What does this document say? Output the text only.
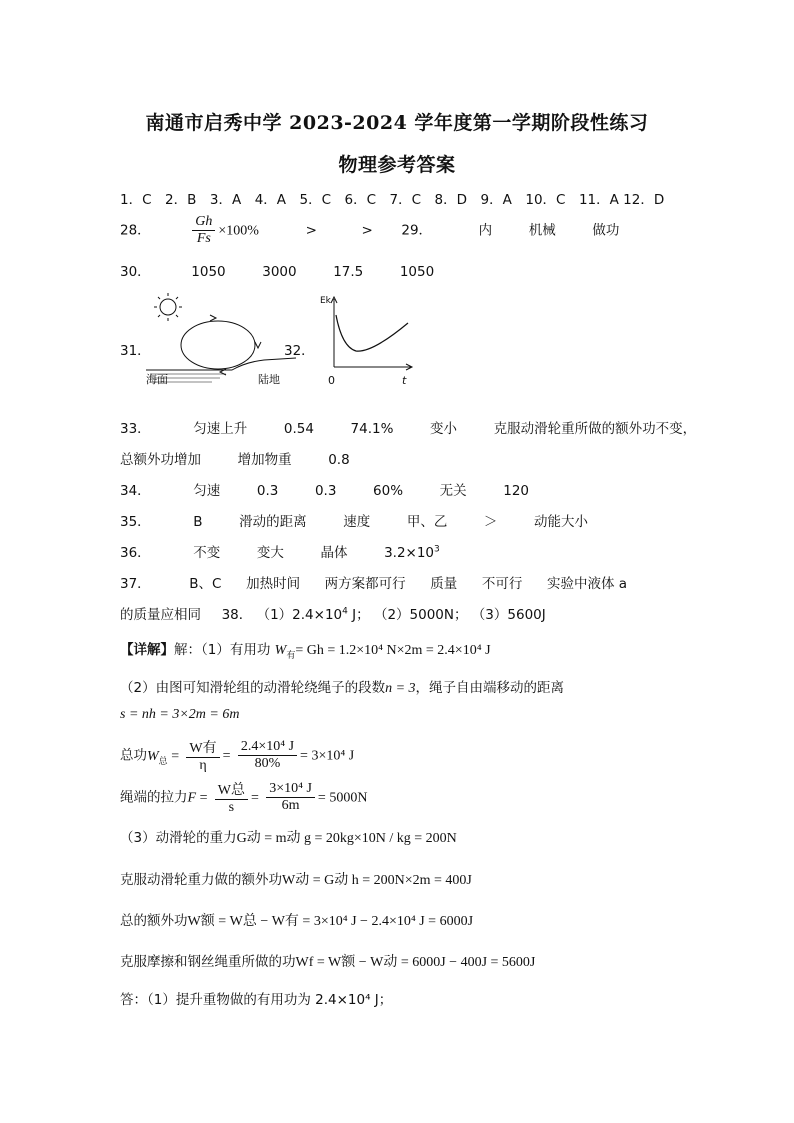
南通市启秀中学 2023-2024 学年度第一学期阶段性练习
物理参考答案
1．C　2．B　3．A　4．A　5．C　6．C　7．C　8．D　9．A　10．C　11．A 12．D
28．	$\frac{Gh}{Fs} \times 100\%$	>	> 29．	内	机械	做功
30．	1050	3000	17.5	1050
31．
海面	陆地
32．
Ek
0	t
33．	匀速上升	0.54	74.1%	变小	克服动滑轮重所做的额外功不变，
总额外功增加	增加物重	0.8
34．	匀速	0.3	0.3	60%	无关	120
35．	B	滑动的距离	速度	甲、乙	＞	动能大小
36．	不变	变大	晶体	$3.2\times 10^3$
37．	B、C 加热时间 两方案都可行 质量 不可行 实验中液体 a
的质量应相同 38． $(1)2.4\times 10^4$ J； （2）5000N； （3）5600J
【详解】解：（1）有用功 $W_有= Gh = 1.2\times 10^4$ N×2m = 2.4×10⁴ J
（2）由图可知滑轮组的动滑轮绕绳子的段数n = 3，绳子自由端移动的距离
s = nh = 3×2m = 6m
总功$W_总 = \frac{\text{W有}}{\eta} = \frac{\text{2.4×10⁴ J}}{80\%} = 3\times 10^4$ J
绳端的拉力$F = \frac{\text{W总}}{s} = \frac{\text{3×10⁴ J}}{6m} = 5000N$
（3）动滑轮的重力G动 = m动 g = 20kg×10N / kg = 200N
克服动滑轮重力做的额外功W动 = G动 h = 200N×2m = 400J
总的额外功W额 = W总 − W有 = 3×10⁴ J − 2.4×10⁴ J = 6000J
克服摩擦和钢丝绳重所做的功Wf = W额 − W动 = 6000J − 400J = 5600J
答：（1）提升重物做的有用功为 2.4×10⁴ J；
